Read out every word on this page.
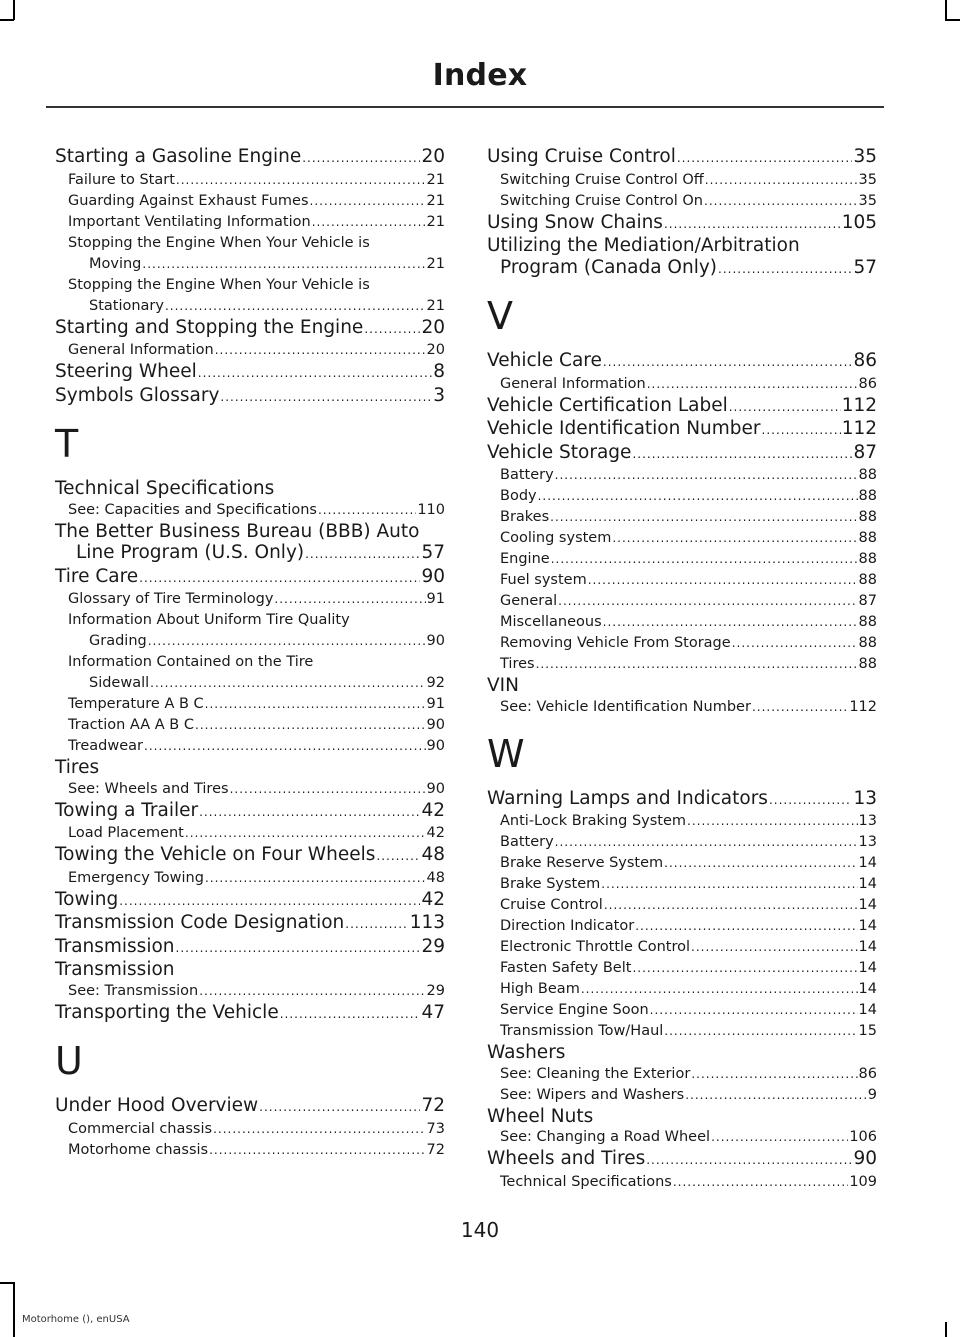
Index
Starting a Gasoline Engine .....	20
Failure to Start .....	21
Guarding Against Exhaust Fumes .....	21
Important Ventilating Information .....	21
Stopping the Engine When Your Vehicle is
Moving .....	21
Stopping the Engine When Your Vehicle is
Stationary .....	21
Starting and Stopping the Engine .....	20
General Information .....	20
Steering Wheel .....	8
Symbols Glossary .....	3
T
Technical Specifications
See: Capacities and Specifications .....	110
The Better Business Bureau (BBB) Auto
Line Program (U.S. Only) .....	57
Tire Care .....	90
Glossary of Tire Terminology .....	91
Information About Uniform Tire Quality
Grading .....	90
Information Contained on the Tire
Sidewall .....	92
Temperature A B C .....	91
Traction AA A B C .....	90
Treadwear .....	90
Tires
See: Wheels and Tires .....	90
Towing a Trailer .....	42
Load Placement .....	42
Towing the Vehicle on Four Wheels ..... 48
Emergency Towing .....	48
Towing .....	42
Transmission Code Designation .....	113
Transmission .....	29
Transmission
See: Transmission .....	29
Transporting the Vehicle .....	47
U
Under Hood Overview .....	72
Commercial chassis .....	73
Motorhome chassis .....	72
Using Cruise Control .....	35
Switching Cruise Control Off .....	35
Switching Cruise Control On .....	35
Using Snow Chains .....	105
Utilizing the Mediation/Arbitration
Program (Canada Only) .....	57
V
Vehicle Care .....	86
General Information .....	86
Vehicle Certification Label .....	112
Vehicle Identification Number .....	112
Vehicle Storage .....	87
Battery .....	88
Body .....	88
Brakes .....	88
Cooling system .....	88
Engine .....	88
Fuel system .....	88
General .....	87
Miscellaneous .....	88
Removing Vehicle From Storage .....	88
Tires .....	88
VIN
See: Vehicle Identification Number .....	112
W
Warning Lamps and Indicators .....	13
Anti-Lock Braking System .....	13
Battery .....	13
Brake Reserve System .....	14
Brake System .....	14
Cruise Control .....	14
Direction Indicator .....	14
Electronic Throttle Control .....	14
Fasten Safety Belt .....	14
High Beam .....	14
Service Engine Soon .....	14
Transmission Tow/Haul .....	15
Washers
See: Cleaning the Exterior .....	86
See: Wipers and Washers .....	9
Wheel Nuts
See: Changing a Road Wheel .....	106
Wheels and Tires .....	90
Technical Specifications .....	109
140
Motorhome (), enUSA
